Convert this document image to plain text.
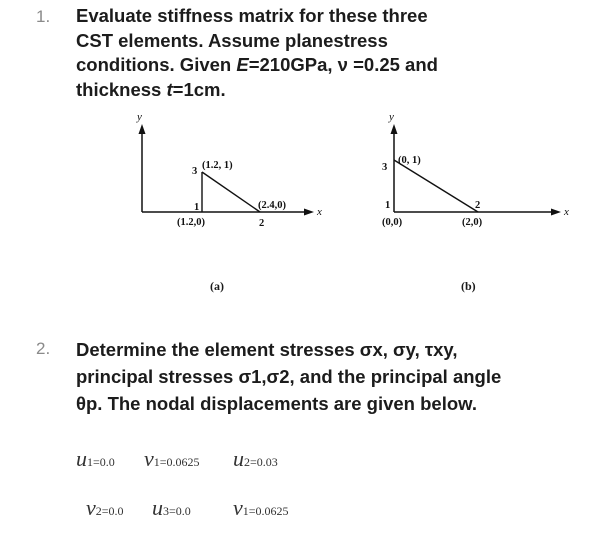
1. Evaluate stiffness matrix for these three
CST elements. Assume planestress
conditions. Given E=210GPa, ν =0.25 and
thickness t=1cm.
y
x
3
(1.2, 1)
1
(1.2,0)
(2.4,0)
2
(a)
y
x
3
(0, 1)
1
(0,0)
2
(2,0)
(b)
2. Determine the element stresses σx, σy, τxy,
principal stresses σ1,σ2, and the principal angle
θp. The nodal displacements are given below.
u1=0.0 v1=0.0625 u2=0.03
v2=0.0 u3=0.0 v1=0.0625
